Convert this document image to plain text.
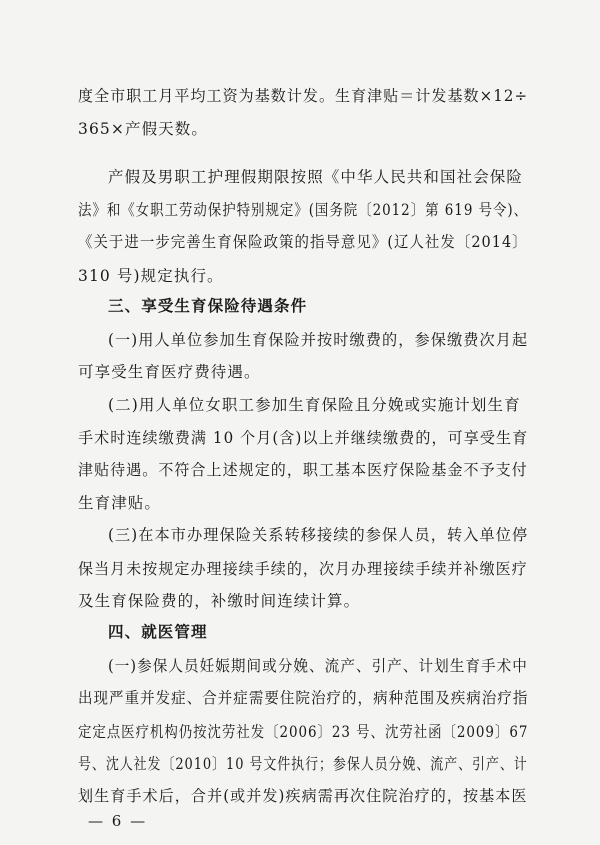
度全市职工月平均工资为基数计发。生育津贴＝计发基数×12÷
365×产假天数。
产假及男职工护理假期限按照《中华人民共和国社会保险
法》和《女职工劳动保护特别规定》(国务院〔2012〕第 619 号令)、
《关于进一步完善生育保险政策的指导意见》(辽人社发〔2014〕
310 号)规定执行。
三、享受生育保险待遇条件
(一)用人单位参加生育保险并按时缴费的，参保缴费次月起
可享受生育医疗费待遇。
(二)用人单位女职工参加生育保险且分娩或实施计划生育
手术时连续缴费满 10 个月(含)以上并继续缴费的，可享受生育
津贴待遇。不符合上述规定的，职工基本医疗保险基金不予支付
生育津贴。
(三)在本市办理保险关系转移接续的参保人员，转入单位停
保当月未按规定办理接续手续的，次月办理接续手续并补缴医疗
及生育保险费的，补缴时间连续计算。
四、就医管理
(一)参保人员妊娠期间或分娩、流产、引产、计划生育手术中
出现严重并发症、合并症需要住院治疗的，病种范围及疾病治疗指
定定点医疗机构仍按沈劳社发〔2006〕23 号、沈劳社函〔2009〕67
号、沈人社发〔2010〕10 号文件执行；参保人员分娩、流产、引产、计
划生育手术后，合并(或并发)疾病需再次住院治疗的，按基本医
— 6 —
